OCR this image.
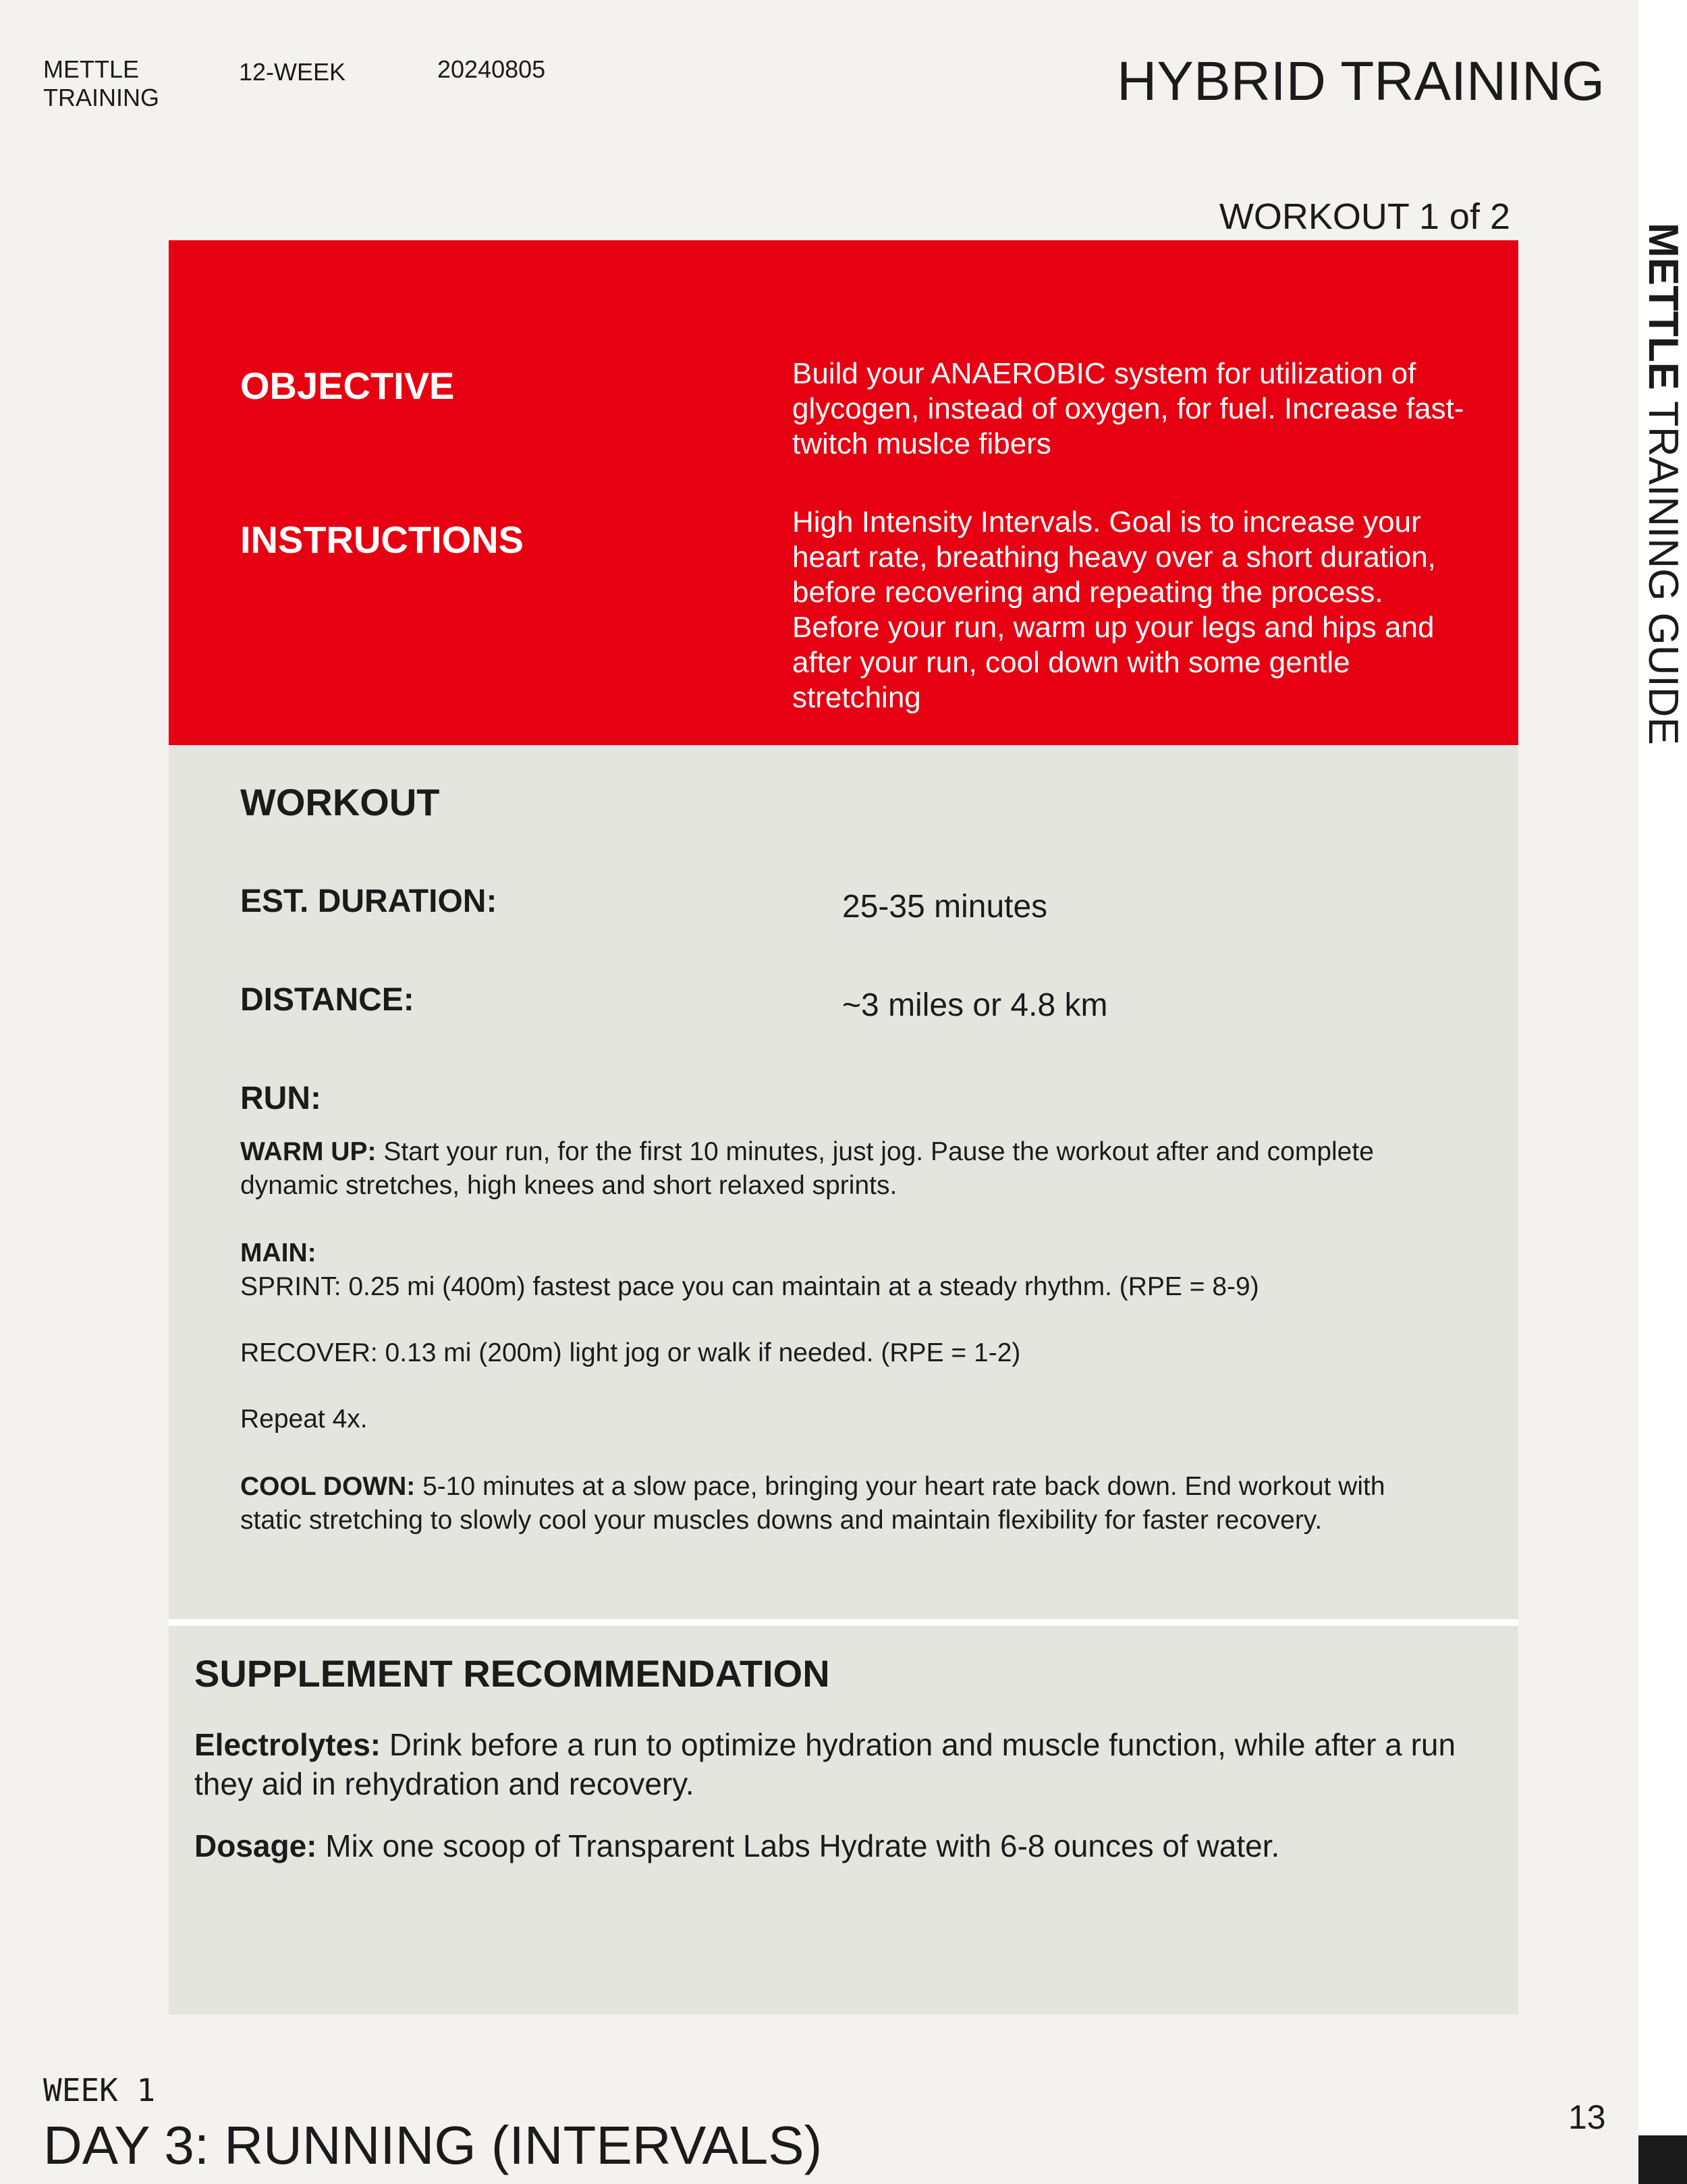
METTLE
TRAINING
12-WEEK	20240805	HYBRID TRAINING
WORKOUT 1 of 2
METTLE TRAINING GUIDE
OBJECTIVE	Build your ANAEROBIC system for utilization of glycogen, instead of oxygen, for fuel. Increase fast-twitch muslce fibers
INSTRUCTIONS	High Intensity Intervals. Goal is to increase your heart rate, breathing heavy over a short duration, before recovering and repeating the process. Before your run, warm up your legs and hips and after your run, cool down with some gentle stretching
WORKOUT
EST. DURATION:	25-35 minutes
DISTANCE:	~3 miles or 4.8 km
RUN:
WARM UP: Start your run, for the first 10 minutes, just jog. Pause the workout after and complete dynamic stretches, high knees and short relaxed sprints.
MAIN:
SPRINT: 0.25 mi (400m) fastest pace you can maintain at a steady rhythm. (RPE = 8-9)
RECOVER: 0.13 mi (200m) light jog or walk if needed. (RPE = 1-2)
Repeat 4x.
COOL DOWN: 5-10 minutes at a slow pace, bringing your heart rate back down. End workout with static stretching to slowly cool your muscles downs and maintain flexibility for faster recovery.
SUPPLEMENT RECOMMENDATION
Electrolytes: Drink before a run to optimize hydration and muscle function, while after a run they aid in rehydration and recovery.
Dosage: Mix one scoop of Transparent Labs Hydrate with 6-8 ounces of water.
WEEK 1
DAY 3: RUNNING (INTERVALS)	13
